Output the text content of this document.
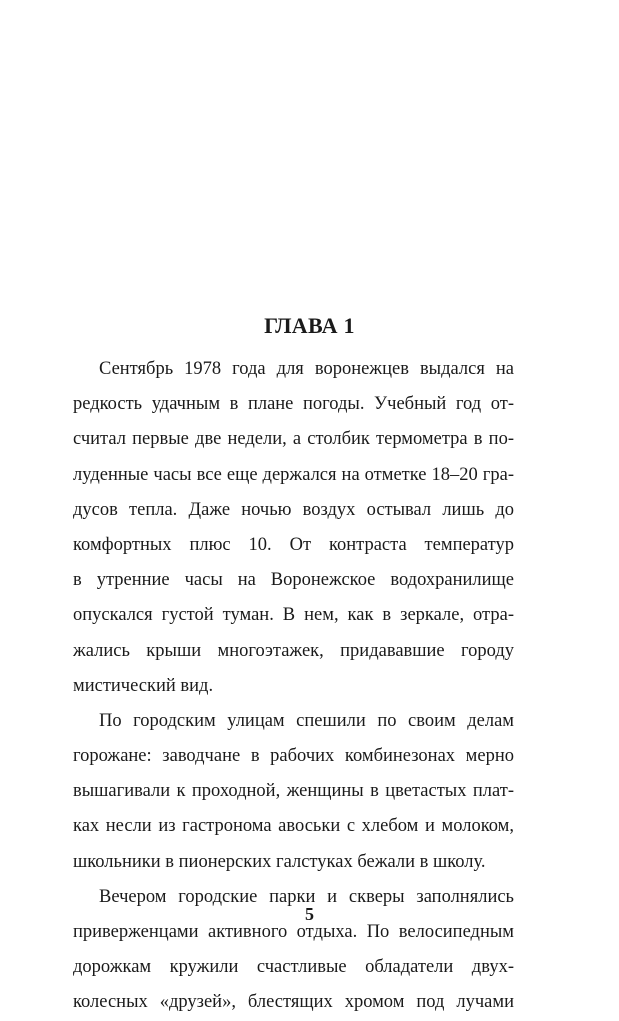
ГЛАВА 1
Сентябрь 1978 года для воронежцев выдался на
редкость удачным в плане погоды. Учебный год от-
считал первые две недели, а столбик термометра в по-
луденные часы все еще держался на отметке 18–20 гра-
дусов тепла. Даже ночью воздух остывал лишь до
комфортных плюс 10. От контраста температур
в утренние часы на Воронежское водохранилище
опускался густой туман. В нем, как в зеркале, отра-
жались крыши многоэтажек, придававшие городу
мистический вид.
По городским улицам спешили по своим делам
горожане: заводчане в рабочих комбинезонах мерно
вышагивали к проходной, женщины в цветастых плат-
ках несли из гастронома авоськи с хлебом и молоком,
школьники в пионерских галстуках бежали в школу.
Вечером городские парки и скверы заполнялись
приверженцами активного отдыха. По велосипедным
дорожкам кружили счастливые обладатели двух-
колесных «друзей», блестящих хромом под лучами
5
